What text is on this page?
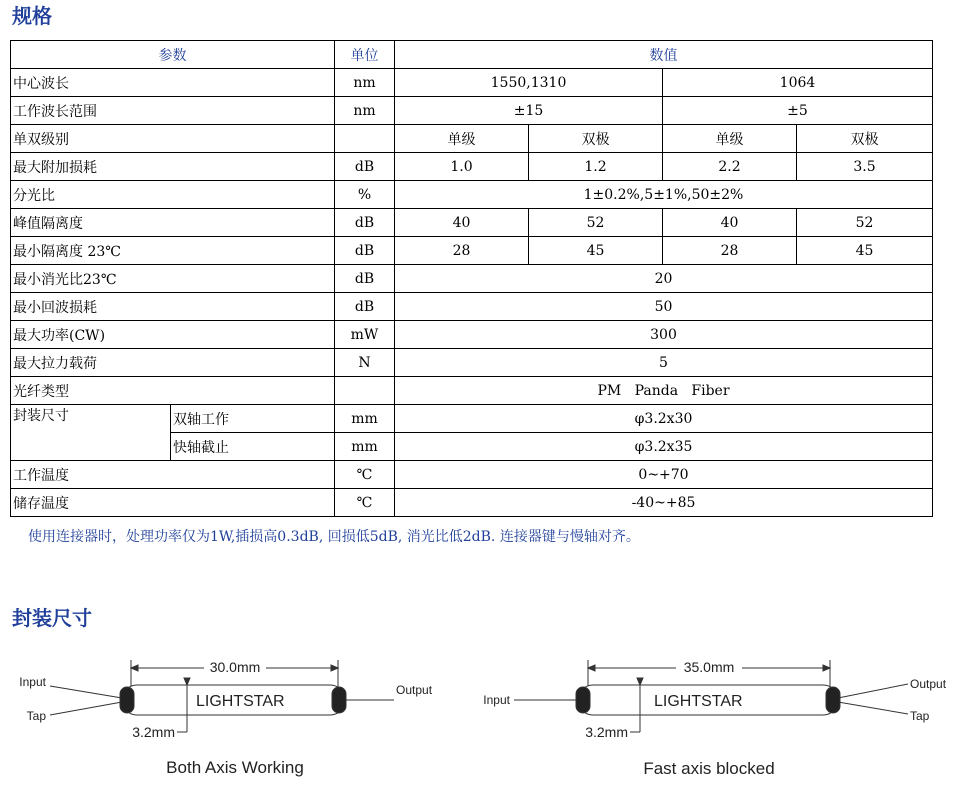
规格
参数		单位	数值			
中心波长		nm	1550,1310		1064	
工作波长范围		nm	±15		±5	
单双级别			单级	双极	单级	双极
最大附加损耗		dB	1.0	1.2	2.2	3.5
分光比		%	1±0.2%,5±1%,50±2%			
峰值隔离度		dB	40	52	40	52
最小隔离度 23℃		dB	28	45	28	45
最小消光比23℃		dB	20			
最小回波损耗		dB	50			
最大功率(CW)		mW	300			
最大拉力载荷		N	5			
光纤类型			PM   Panda   Fiber			
封装尺寸	双轴工作	mm	φ3.2x30			
	快轴截止	mm	φ3.2x35			
工作温度		℃	0~+70			
储存温度		℃	-40~+85			

使用连接器时，处理功率仅为1W,插损高0.3dB, 回损低5dB, 消光比低2dB. 连接器键与慢轴对齐。

封装尺寸
30.0mm
Input
Tap
Output
LIGHTSTAR
3.2mm
Both Axis Working
35.0mm
Input
Output
Tap
LIGHTSTAR
3.2mm
Fast axis blocked
